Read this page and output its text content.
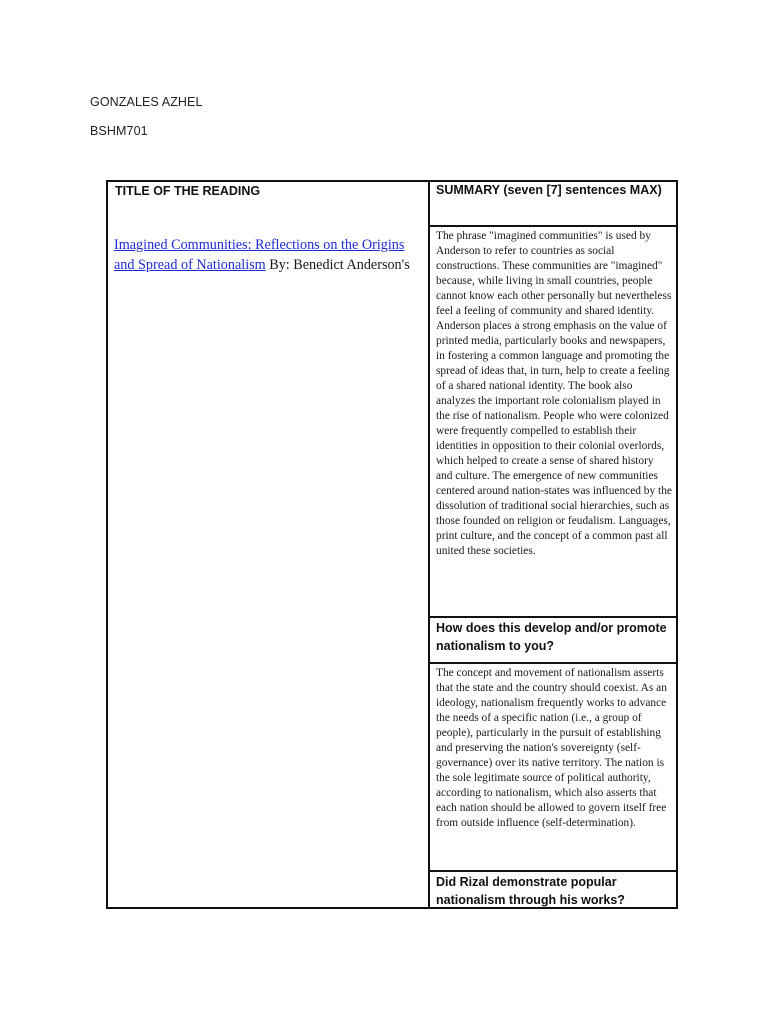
GONZALES AZHEL
BSHM701
TITLE OF THE READING
Imagined Communities: Reflections on the Origins and Spread of Nationalism By: Benedict Anderson's
SUMMARY (seven [7] sentences MAX)
The phrase "imagined communities" is used by Anderson to refer to countries as social constructions. These communities are "imagined" because, while living in small countries, people cannot know each other personally but nevertheless feel a feeling of community and shared identity. Anderson places a strong emphasis on the value of printed media, particularly books and newspapers, in fostering a common language and promoting the spread of ideas that, in turn, help to create a feeling of a shared national identity. The book also analyzes the important role colonialism played in the rise of nationalism. People who were colonized were frequently compelled to establish their identities in opposition to their colonial overlords, which helped to create a sense of shared history and culture. The emergence of new communities centered around nation-states was influenced by the dissolution of traditional social hierarchies, such as those founded on religion or feudalism. Languages, print culture, and the concept of a common past all united these societies.
How does this develop and/or promote nationalism to you?
The concept and movement of nationalism asserts that the state and the country should coexist. As an ideology, nationalism frequently works to advance the needs of a specific nation (i.e., a group of people), particularly in the pursuit of establishing and preserving the nation's sovereignty (self-governance) over its native territory. The nation is the sole legitimate source of political authority, according to nationalism, which also asserts that each nation should be allowed to govern itself free from outside influence (self-determination).
Did Rizal demonstrate popular nationalism through his works?
